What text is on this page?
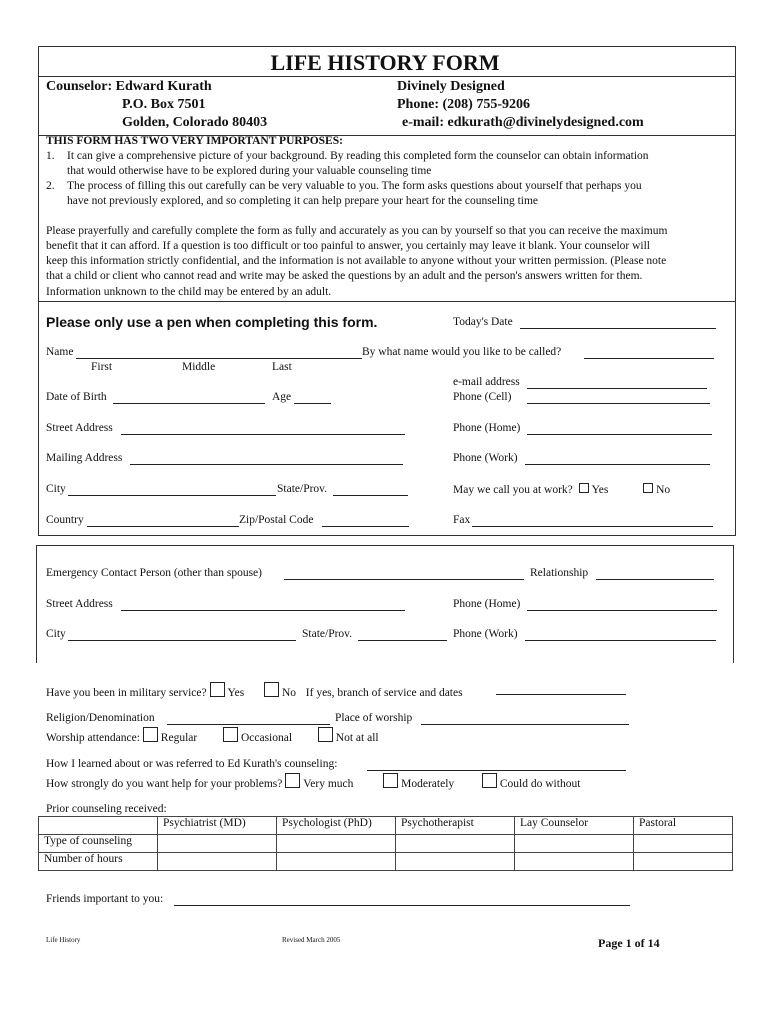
LIFE HISTORY FORM
Counselor: Edward Kurath
P.O. Box 7501
Golden, Colorado 80403
Divinely Designed
Phone: (208) 755-9206
e-mail: edkurath@divinelydesigned.com
THIS FORM HAS TWO VERY IMPORTANT PURPOSES:
1. It can give a comprehensive picture of your background. By reading this completed form the counselor can obtain information
that would otherwise have to be explored during your valuable counseling time
2. The process of filling this out carefully can be very valuable to you. The form asks questions about yourself that perhaps you
have not previously explored, and so completing it can help prepare your heart for the counseling time
Please prayerfully and carefully complete the form as fully and accurately as you can by yourself so that you can receive the maximum
benefit that it can afford. If a question is too difficult or too painful to answer, you certainly may leave it blank. Your counselor will
keep this information strictly confidential, and the information is not available to anyone without your written permission. (Please note
that a child or client who cannot read and write may be asked the questions by an adult and the person's answers written for them.
Information unknown to the child may be entered by an adult.
Please only use a pen when completing this form.	Today's Date
Name	By what name would you like to be called?
First	Middle	Last
e-mail address
Date of Birth	Age	Phone (Cell)
Street Address	Phone (Home)
Mailing Address	Phone (Work)
City	State/Prov.	May we call you at work? Yes	No
Country	Zip/Postal Code	Fax
Emergency Contact Person (other than spouse)	Relationship
Street Address	Phone (Home)
City	State/Prov.	Phone (Work)
Have you been in military service? Yes	No If yes, branch of service and dates
Religion/Denomination	Place of worship
Worship attendance: Regular	Occasional	Not at all
How I learned about or was referred to Ed Kurath's counseling:
How strongly do you want help for your problems? Very much	Moderately	Could do without
Prior counseling received:
	Psychiatrist (MD)	Psychologist (PhD)	Psychotherapist	Lay Counselor	Pastoral
Type of counseling					
Number of hours					
Friends important to you:
Life History	Revised March 2005	Page 1 of 14
